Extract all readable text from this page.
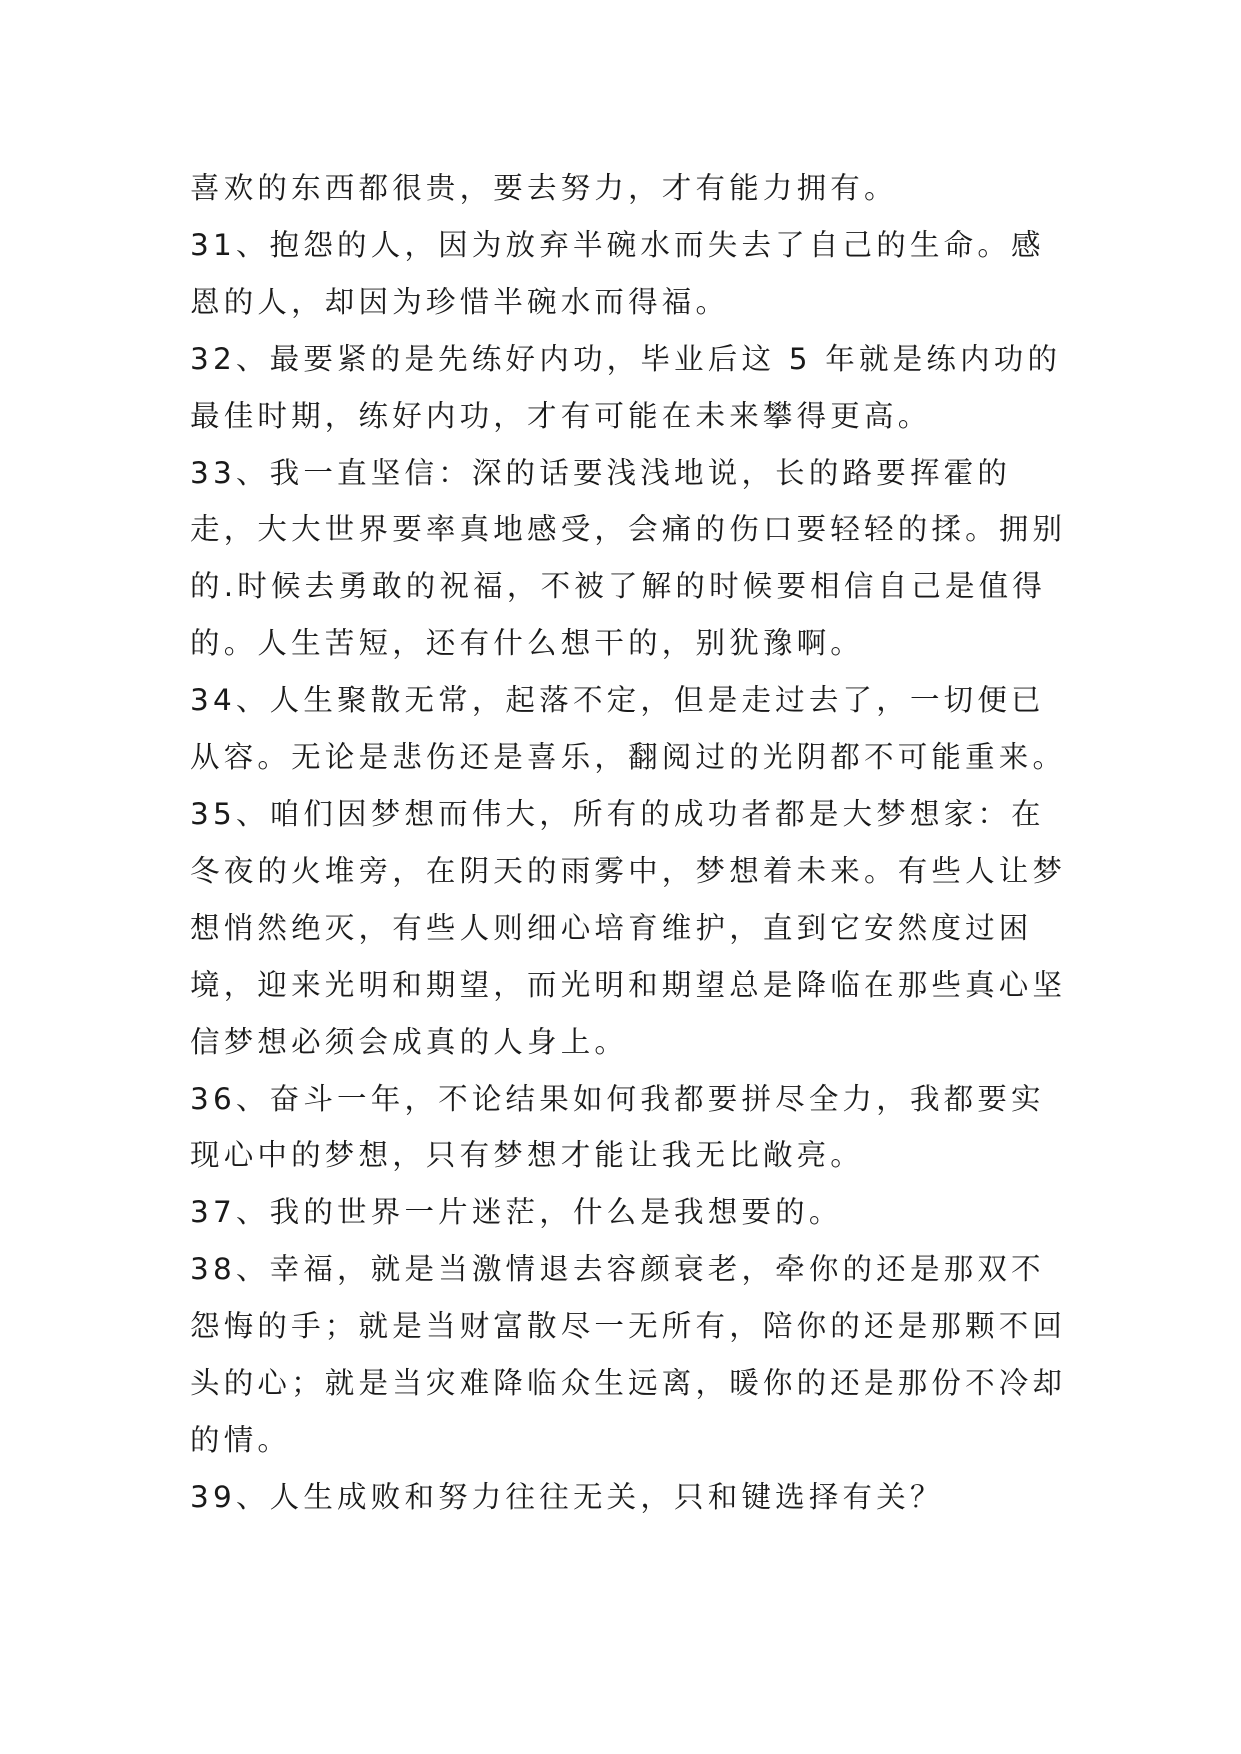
喜欢的东西都很贵，要去努力，才有能力拥有。

31、抱怨的人，因为放弃半碗水而失去了自己的生命。感恩的人，却因为珍惜半碗水而得福。

32、最要紧的是先练好内功，毕业后这 5 年就是练内功的最佳时期，练好内功，才有可能在未来攀得更高。

33、我一直坚信：深的话要浅浅地说，长的路要挥霍的走，大大世界要率真地感受，会痛的伤口要轻轻的揉。拥别的.时候去勇敢的祝福，不被了解的时候要相信自己是值得的。人生苦短，还有什么想干的，别犹豫啊。

34、人生聚散无常，起落不定，但是走过去了，一切便已从容。无论是悲伤还是喜乐，翻阅过的光阴都不可能重来。

35、咱们因梦想而伟大，所有的成功者都是大梦想家：在冬夜的火堆旁，在阴天的雨雾中，梦想着未来。有些人让梦想悄然绝灭，有些人则细心培育维护，直到它安然度过困境，迎来光明和期望，而光明和期望总是降临在那些真心坚信梦想必须会成真的人身上。

36、奋斗一年，不论结果如何我都要拼尽全力，我都要实现心中的梦想，只有梦想才能让我无比敞亮。

37、我的世界一片迷茫，什么是我想要的。

38、幸福，就是当激情退去容颜衰老，牵你的还是那双不怨悔的手；就是当财富散尽一无所有，陪你的还是那颗不回头的心；就是当灾难降临众生远离，暖你的还是那份不冷却的情。

39、人生成败和努力往往无关，只和键选择有关？
